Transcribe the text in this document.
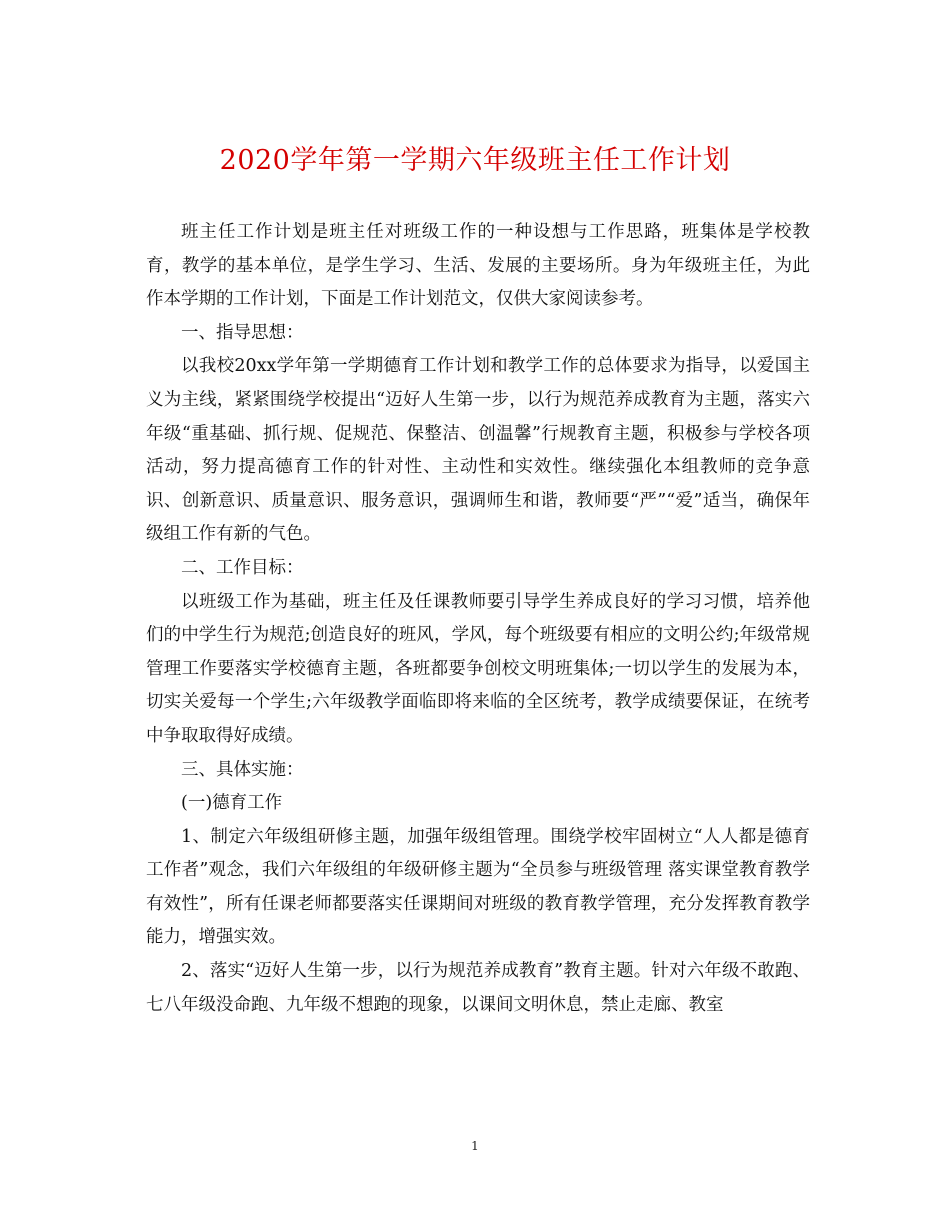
2020学年第一学期六年级班主任工作计划

班主任工作计划是班主任对班级工作的一种设想与工作思路，班集体是学校教育，教学的基本单位，是学生学习、生活、发展的主要场所。身为年级班主任，为此作本学期的工作计划，下面是工作计划范文，仅供大家阅读参考。

一、指导思想：

以我校20xx学年第一学期德育工作计划和教学工作的总体要求为指导，以爱国主义为主线，紧紧围绕学校提出“迈好人生第一步，以行为规范养成教育为主题，落实六年级“重基础、抓行规、促规范、保整洁、创温馨”行规教育主题，积极参与学校各项活动，努力提高德育工作的针对性、主动性和实效性。继续强化本组教师的竞争意识、创新意识、质量意识、服务意识，强调师生和谐，教师要“严”“爱”适当，确保年级组工作有新的气色。

二、工作目标：

以班级工作为基础，班主任及任课教师要引导学生养成良好的学习习惯，培养他们的中学生行为规范;创造良好的班风，学风，每个班级要有相应的文明公约;年级常规管理工作要落实学校德育主题，各班都要争创校文明班集体;一切以学生的发展为本，切实关爱每一个学生;六年级教学面临即将来临的全区统考，教学成绩要保证，在统考中争取取得好成绩。

三、具体实施：

(一)德育工作

1、制定六年级组研修主题，加强年级组管理。围绕学校牢固树立“人人都是德育工作者”观念，我们六年级组的年级研修主题为“全员参与班级管理 落实课堂教育教学有效性”，所有任课老师都要落实任课期间对班级的教育教学管理，充分发挥教育教学能力，增强实效。

2、落实“迈好人生第一步，以行为规范养成教育”教育主题。针对六年级不敢跑、七八年级没命跑、九年级不想跑的现象，以课间文明休息，禁止走廊、教室

1
